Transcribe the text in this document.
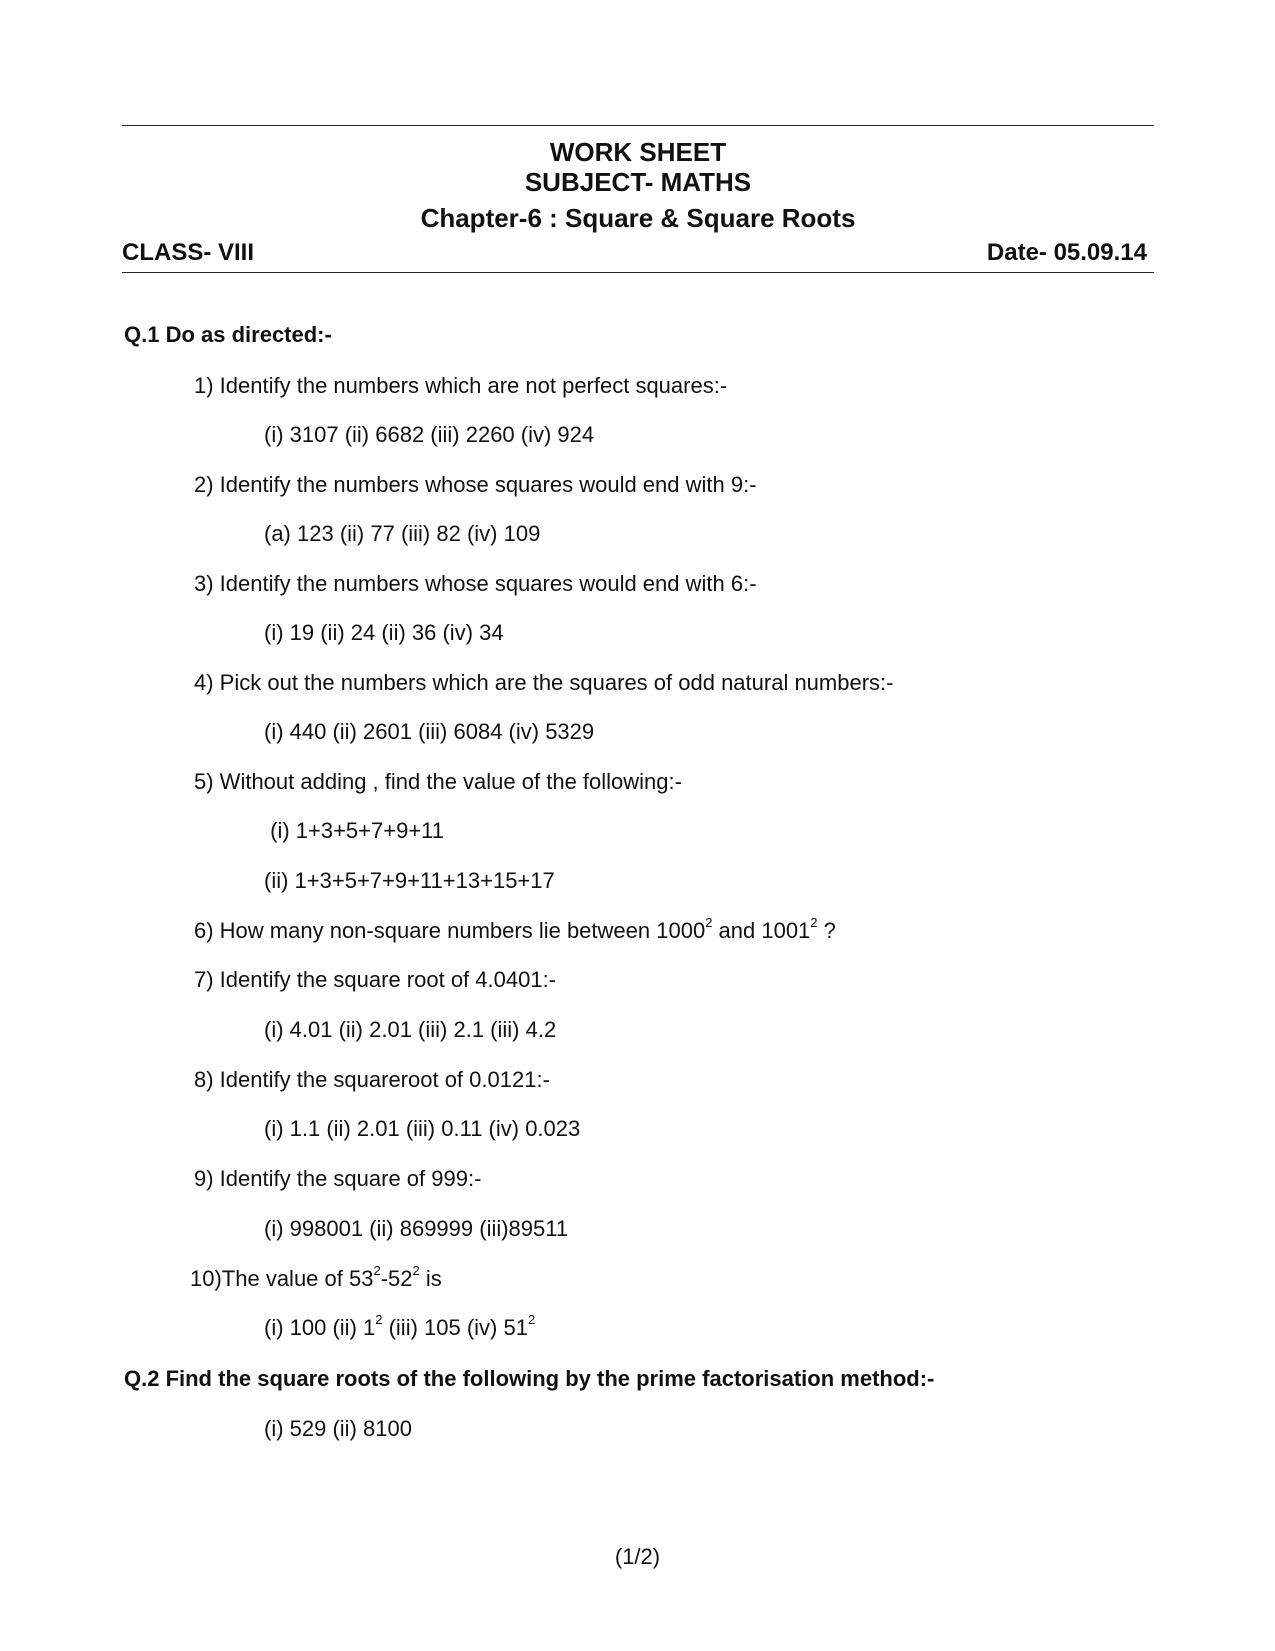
WORK SHEET
SUBJECT- MATHS
Chapter-6 : Square & Square Roots
CLASS- VIII	Date- 05.09.14
Q.1 Do as directed:-
1) Identify the numbers which are not perfect squares:-
(i) 3107 (ii) 6682 (iii) 2260 (iv) 924
2) Identify the numbers whose squares would end with 9:-
(a) 123 (ii) 77 (iii) 82 (iv) 109
3) Identify the numbers whose squares would end with 6:-
(i) 19 (ii) 24 (ii) 36 (iv) 34
4) Pick out the numbers which are the squares of odd natural numbers:-
(i) 440 (ii) 2601 (iii) 6084 (iv) 5329
5) Without adding , find the value of the following:-
(i) 1+3+5+7+9+11
(ii) 1+3+5+7+9+11+13+15+17
6) How many non-square numbers lie between 1000$^2$ and 1001$^2$ ?
7) Identify the square root of 4.0401:-
(i) 4.01 (ii) 2.01 (iii) 2.1 (iii) 4.2
8) Identify the squareroot of 0.0121:-
(i) 1.1 (ii) 2.01 (iii) 0.11 (iv) 0.023
9) Identify the square of 999:-
(i) 998001 (ii) 869999 (iii)89511
10)The value of $53^2-52^2$ is
(i) 100 (ii) $1^2$ (iii) 105 (iv) $51^2$
Q.2 Find the square roots of the following by the prime factorisation method:-
(i) 529 (ii) 8100
(1/2)
